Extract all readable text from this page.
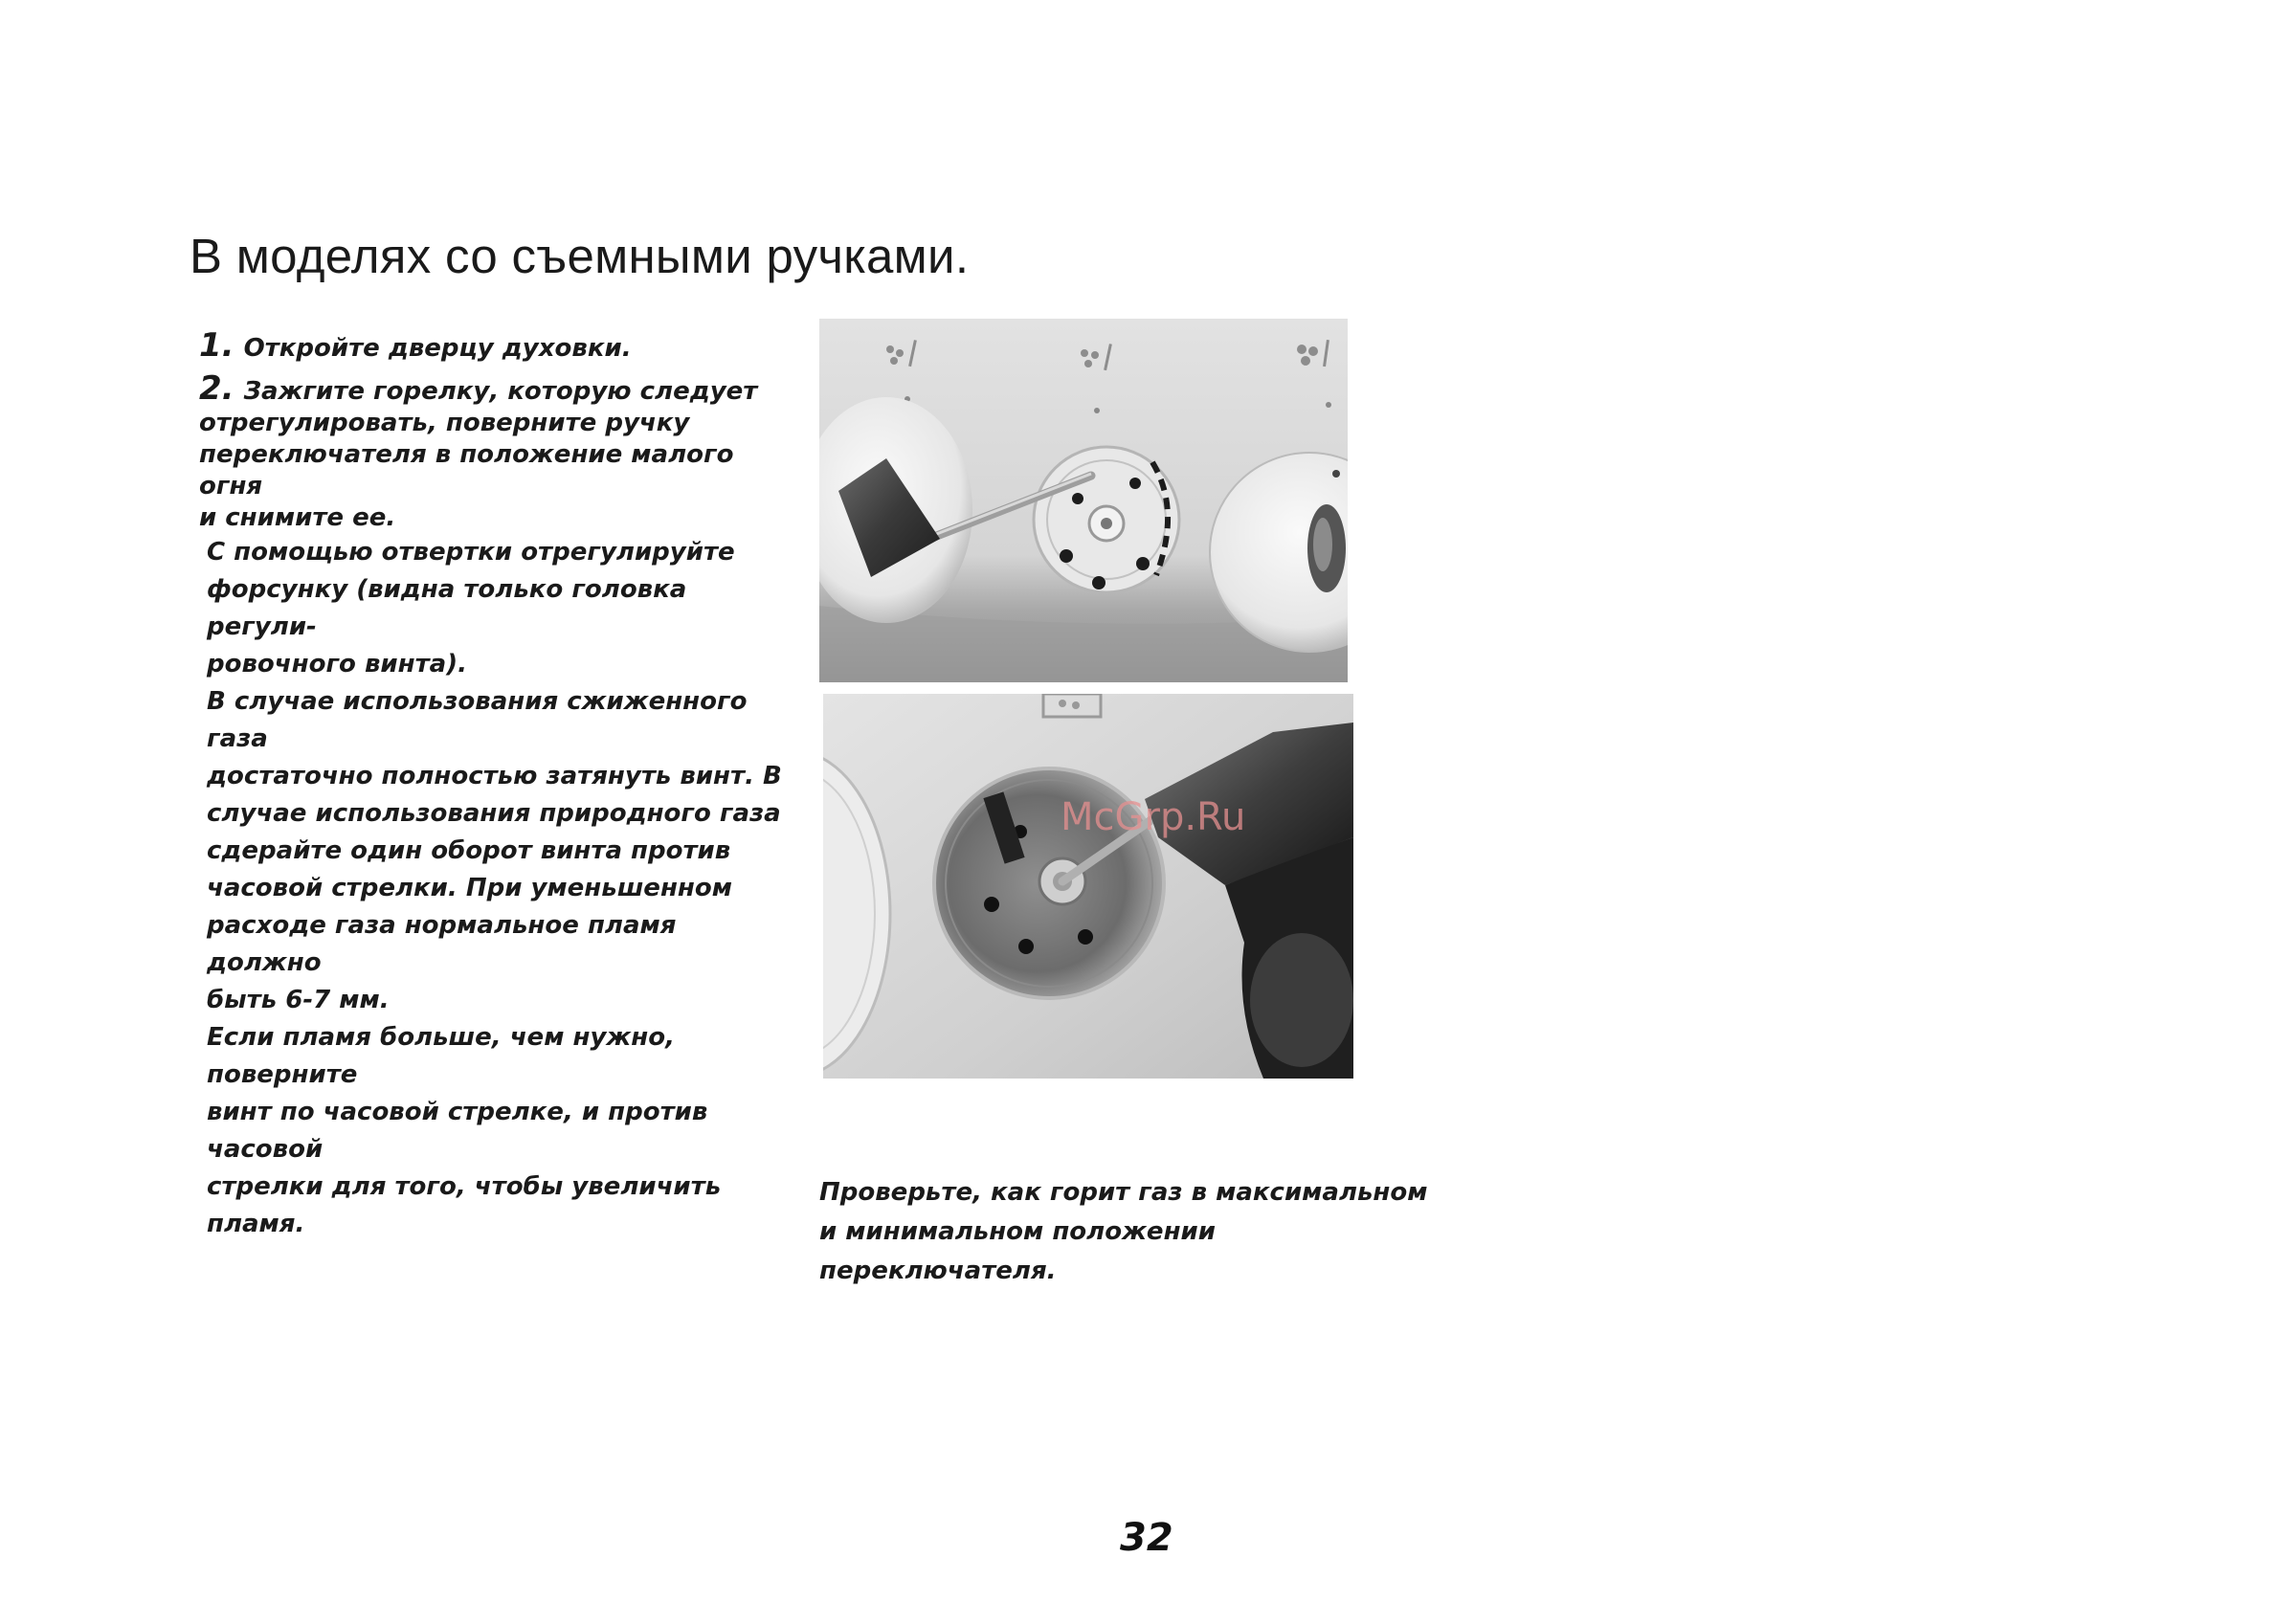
В моделях со съемными ручками.

1. Откройте дверцу духовки.

2. Зажгите горелку, которую следует
отрегулировать, поверните ручку
переключателя в положение малого огня
и снимите ее.

С помощью отвертки отрегулируйте

форсунку (видна только головка регули-

ровочного винта).

В случае использования сжиженного газа

достаточно полностью затянуть винт. В

случае использования природного газа

сдерайте один оборот винта против

часовой стрелки. При уменьшенном

расходе газа нормальное пламя должно

быть 6-7 мм.

Если пламя больше, чем нужно, поверните

винт по часовой стрелке, и против часовой

стрелки для того, чтобы увеличить пламя.

McGrp.Ru

Проверьте, как горит газ в максимальном

и минимальном положении переключателя.

32
